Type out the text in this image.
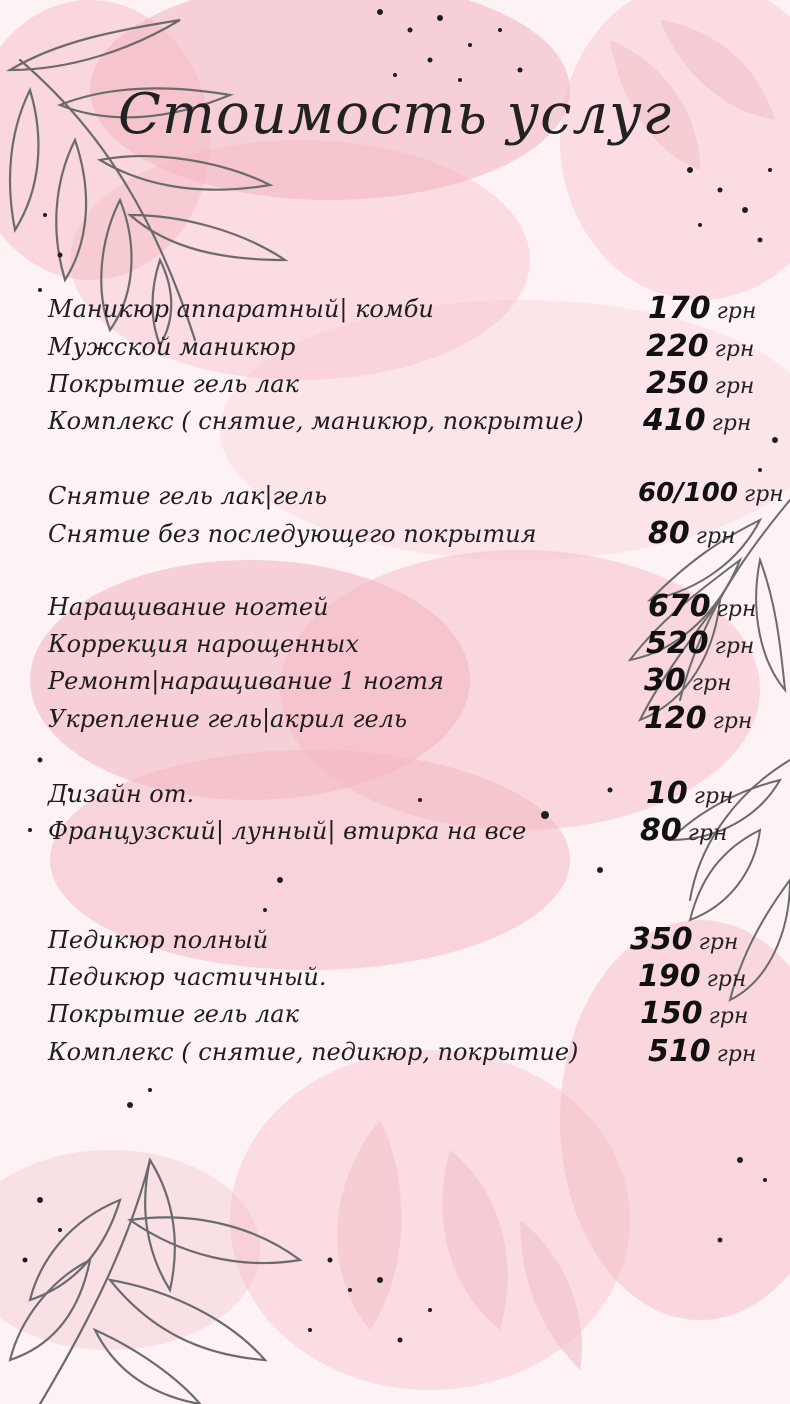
Стоимость услуг
Маникюр аппаратный| комби	170 грн
Мужской маникюр	220 грн
Покрытие гель лак	250 грн
Комплекс ( снятие, маникюр, покрытие) 410 грн
Снятие гель лак|гель	60/100 грн
Снятие без последующего покрытия	80 грн
Наращивание ногтей	670 грн
Коррекция нарощенных	520 грн
Ремонт|наращивание 1 ногтя	30 грн
Укрепление гель|акрил гель	120 грн
Дизайн от.	10 грн
Французский| лунный| втирка на все	80 грн
Педикюр полный	350 грн
Педикюр частичный.	190 грн
Покрытие гель лак	150 грн
Комплекс ( снятие, педикюр, покрытие) 510 грн
